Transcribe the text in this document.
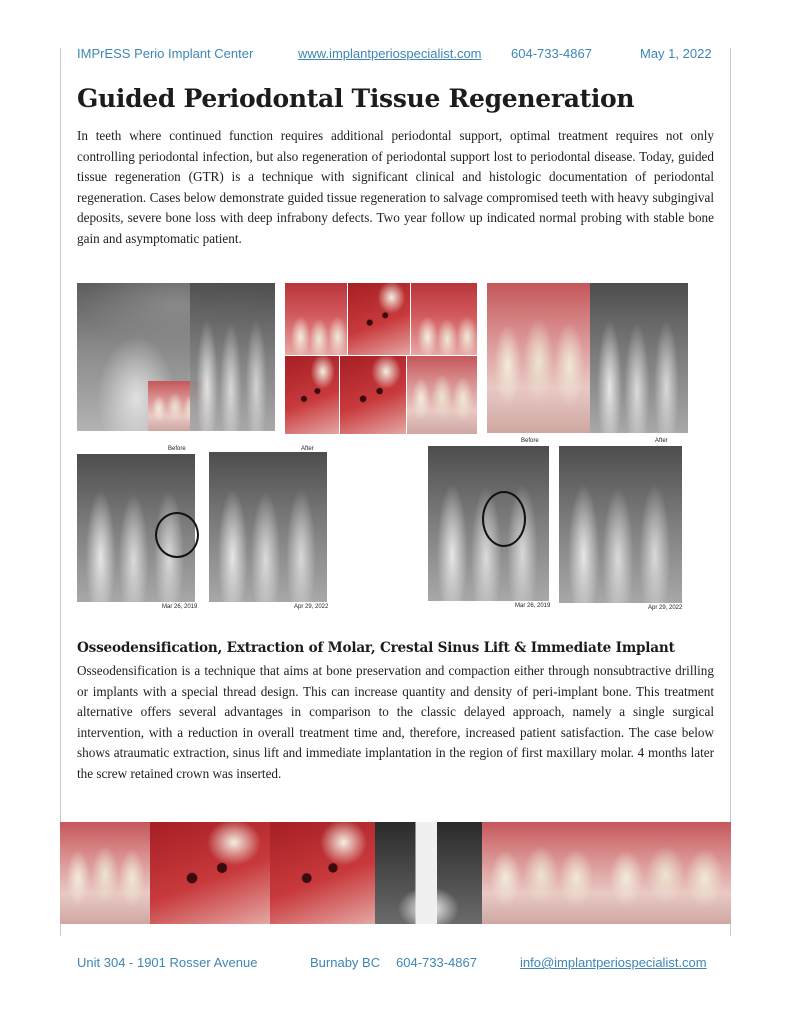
IMPrESS Perio Implant Center	www.implantperiospecialist.com 604-733-4867	May 1, 2022
Guided Periodontal Tissue Regeneration

In teeth where continued function requires additional periodontal support, optimal treatment requires not only controlling periodontal infection, but also regeneration of periodontal support lost to periodontal disease. Today, guided tissue regeneration (GTR) is a technique with significant clinical and histologic documentation of periodontal regeneration. Cases below demonstrate guided tissue regeneration to salvage compromised teeth with heavy subgingival deposits, severe bone loss with deep infrabony defects. Two year follow up indicated normal probing with stable bone gain and asymptomatic patient.

Before
Mar 26, 2019
After
Apr 29, 2022
Before
Mar 26, 2019
After
Apr 29, 2022
Osseodensification, Extraction of Molar, Crestal Sinus Lift & Immediate Implant

Osseodensification is a technique that aims at bone preservation and compaction either through nonsubtractive drilling or implants with a special thread design. This can increase quantity and density of peri-implant bone. This treatment alternative offers several advantages in comparison to the classic delayed approach, namely a single surgical intervention, with a reduction in overall treatment time and, therefore, increased patient satisfaction. The case below shows atraumatic extraction, sinus lift and immediate implantation in the region of first maxillary molar. 4 months later the screw retained crown was inserted.

Unit 304 - 1901 Rosser Avenue	Burnaby BC 604-733-4867	info@implantperiospecialist.com
